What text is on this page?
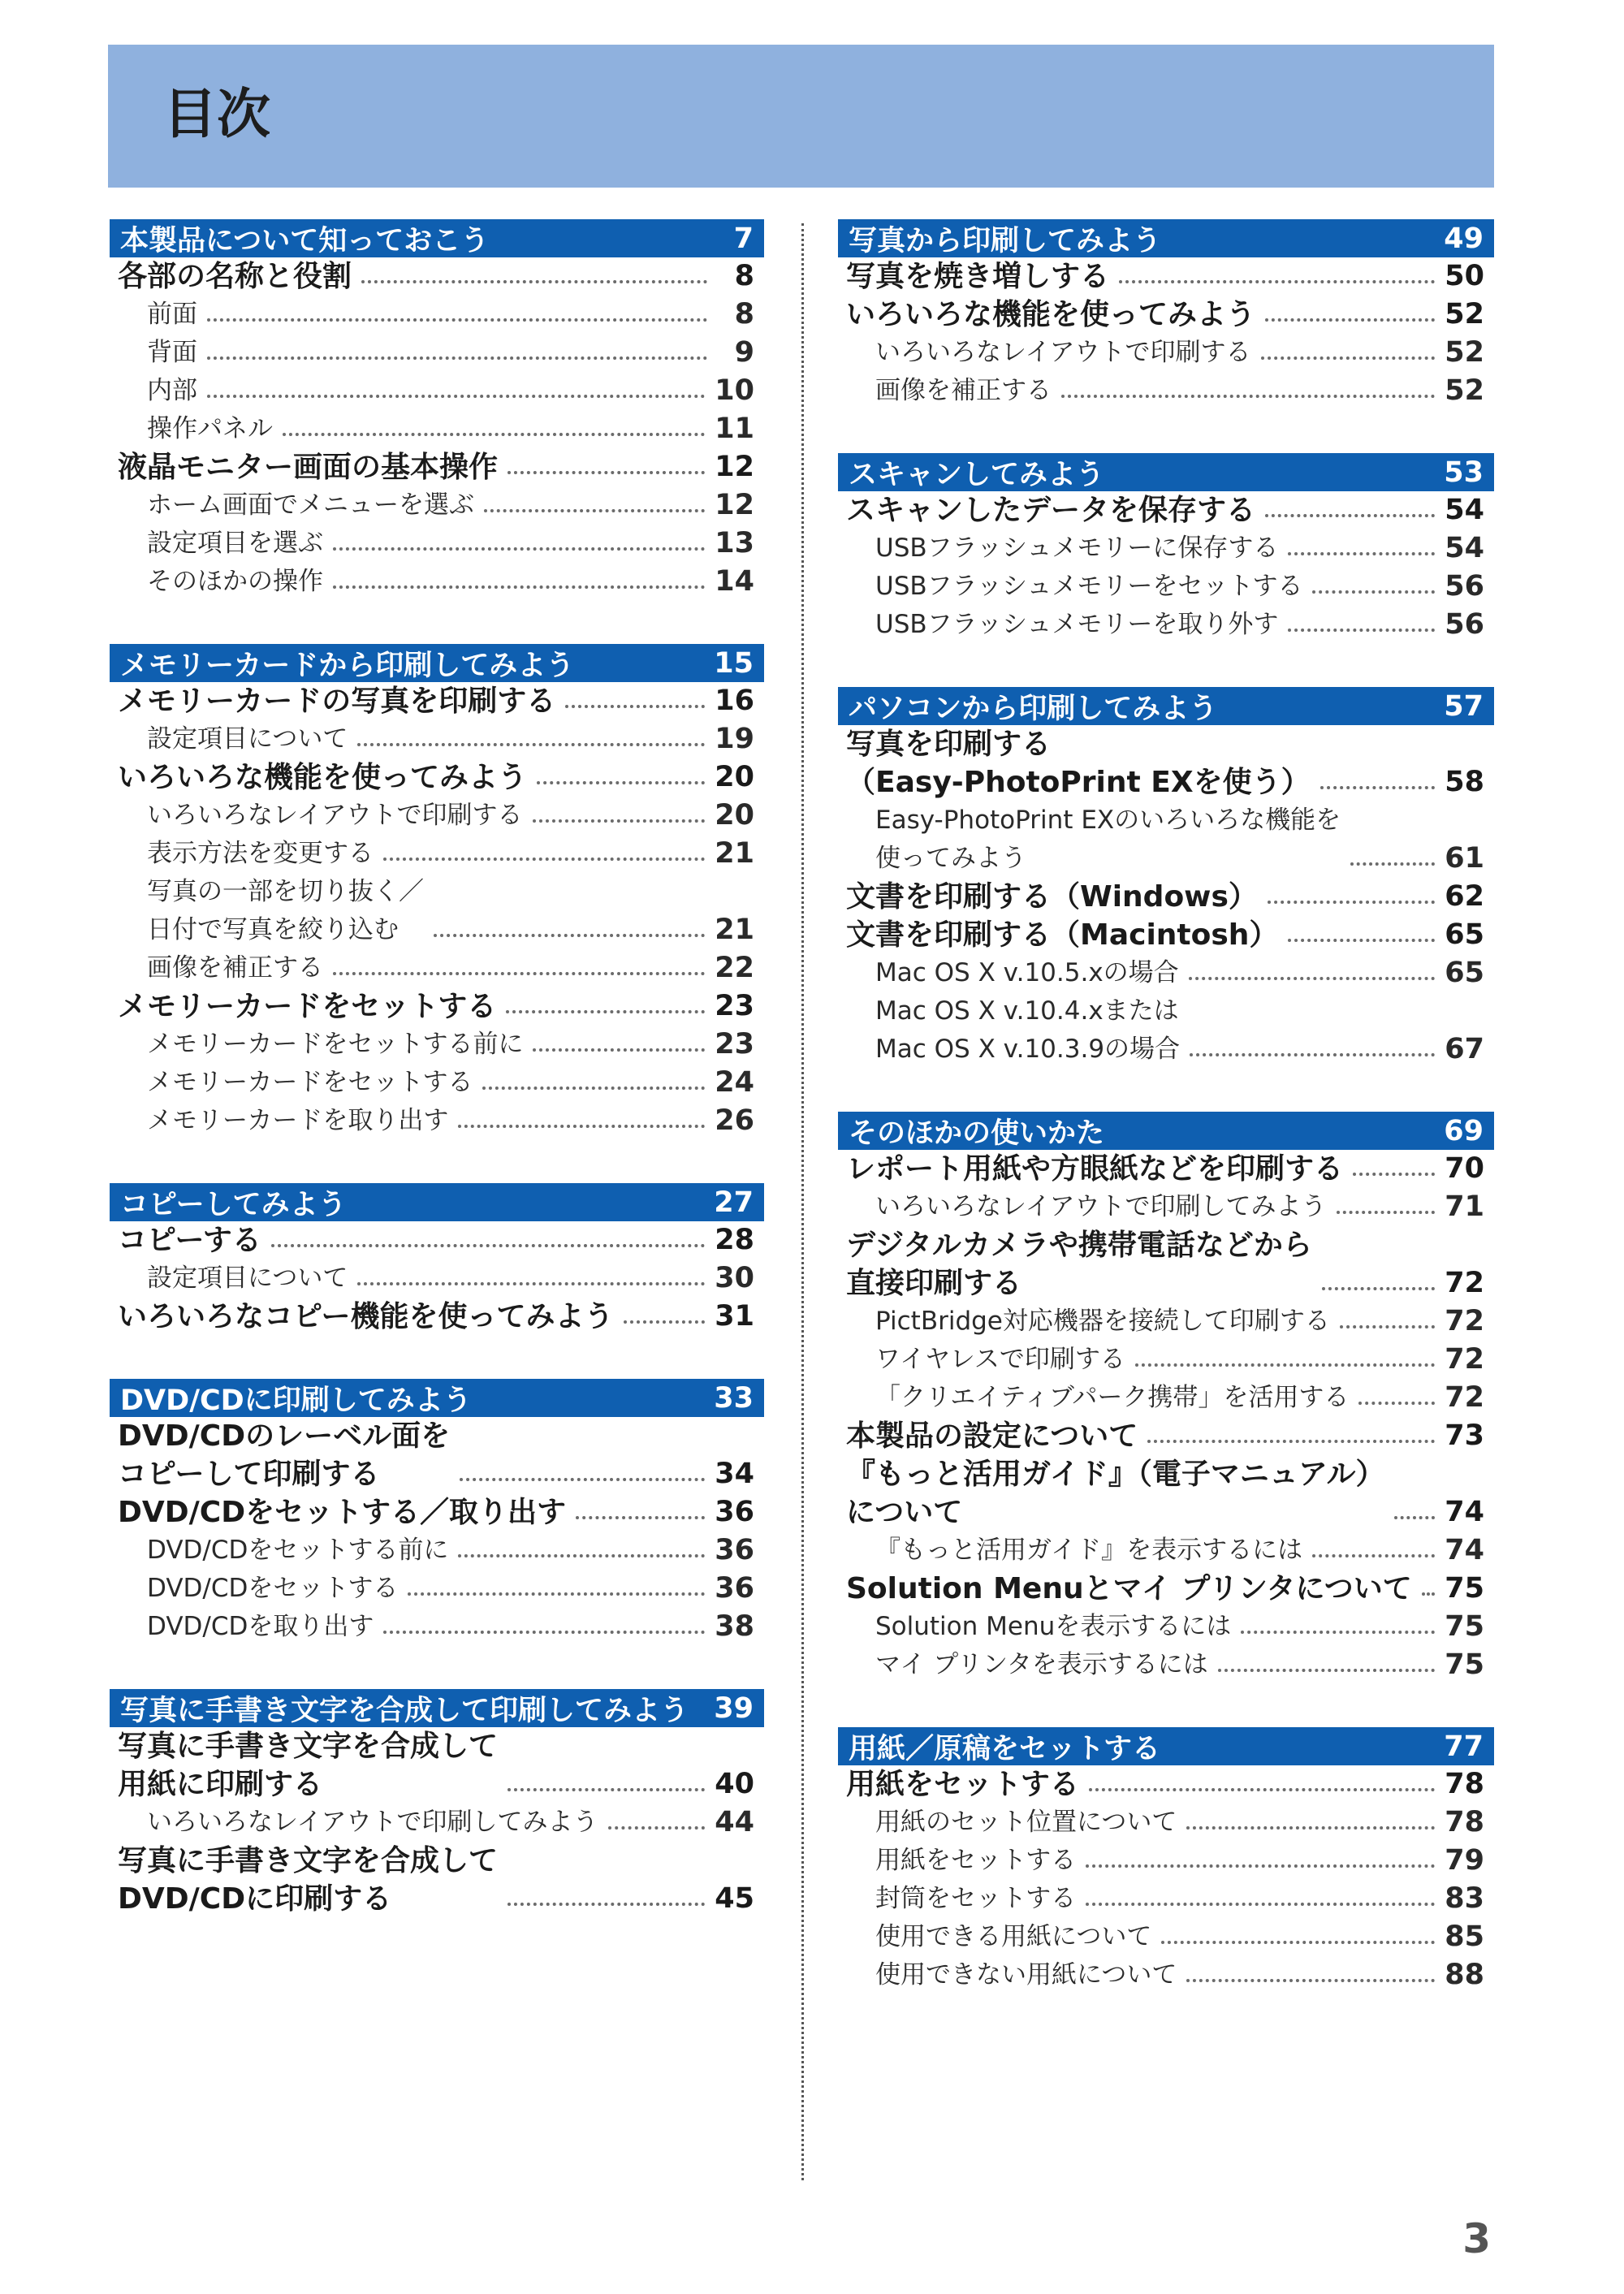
目次
本製品について知っておこう	7
各部の名称と役割	8
前面	8
背面	9
内部	10
操作パネル	11
液晶モニター画面の基本操作	12
ホーム画面でメニューを選ぶ	12
設定項目を選ぶ	13
そのほかの操作	14
メモリーカードから印刷してみよう	15
メモリーカードの写真を印刷する	16
設定項目について	19
いろいろな機能を使ってみよう	20
いろいろなレイアウトで印刷する	20
表示方法を変更する	21
写真の一部を切り抜く／
日付で写真を絞り込む	21
画像を補正する	22
メモリーカードをセットする	23
メモリーカードをセットする前に	23
メモリーカードをセットする	24
メモリーカードを取り出す	26
コピーしてみよう	27
コピーする	28
設定項目について	30
いろいろなコピー機能を使ってみよう	31
DVD/CDに印刷してみよう	33
DVD/CDのレーベル面を
コピーして印刷する	34
DVD/CDをセットする／取り出す	36
DVD/CDをセットする前に	36
DVD/CDをセットする	36
DVD/CDを取り出す	38
写真に手書き文字を合成して印刷してみよう 39
写真に手書き文字を合成して
用紙に印刷する	40
いろいろなレイアウトで印刷してみよう	44
写真に手書き文字を合成して
DVD/CDに印刷する	45
写真から印刷してみよう	49
写真を焼き増しする	50
いろいろな機能を使ってみよう	52
いろいろなレイアウトで印刷する	52
画像を補正する	52
スキャンしてみよう	53
スキャンしたデータを保存する	54
USBフラッシュメモリーに保存する	54
USBフラッシュメモリーをセットする	56
USBフラッシュメモリーを取り外す	56
パソコンから印刷してみよう	57
写真を印刷する
（Easy-PhotoPrint EXを使う）	58
Easy-PhotoPrint EXのいろいろな機能を
使ってみよう	61
文書を印刷する（Windows）	62
文書を印刷する（Macintosh）	65
Mac OS X v.10.5.xの場合	65
Mac OS X v.10.4.xまたは
Mac OS X v.10.3.9の場合	67
そのほかの使いかた	69
レポート用紙や方眼紙などを印刷する	70
いろいろなレイアウトで印刷してみよう	71
デジタルカメラや携帯電話などから
直接印刷する	72
PictBridge対応機器を接続して印刷する	72
ワイヤレスで印刷する	72
「クリエイティブパーク携帯」を活用する	72
本製品の設定について	73
『もっと活用ガイド』（電子マニュアル）
について	74
『もっと活用ガイド』を表示するには	74
Solution Menuとマイ プリンタについて 75
Solution Menuを表示するには	75
マイ プリンタを表示するには	75
用紙／原稿をセットする	77
用紙をセットする	78
用紙のセット位置について	78
用紙をセットする	79
封筒をセットする	83
使用できる用紙について	85
使用できない用紙について	88
3
